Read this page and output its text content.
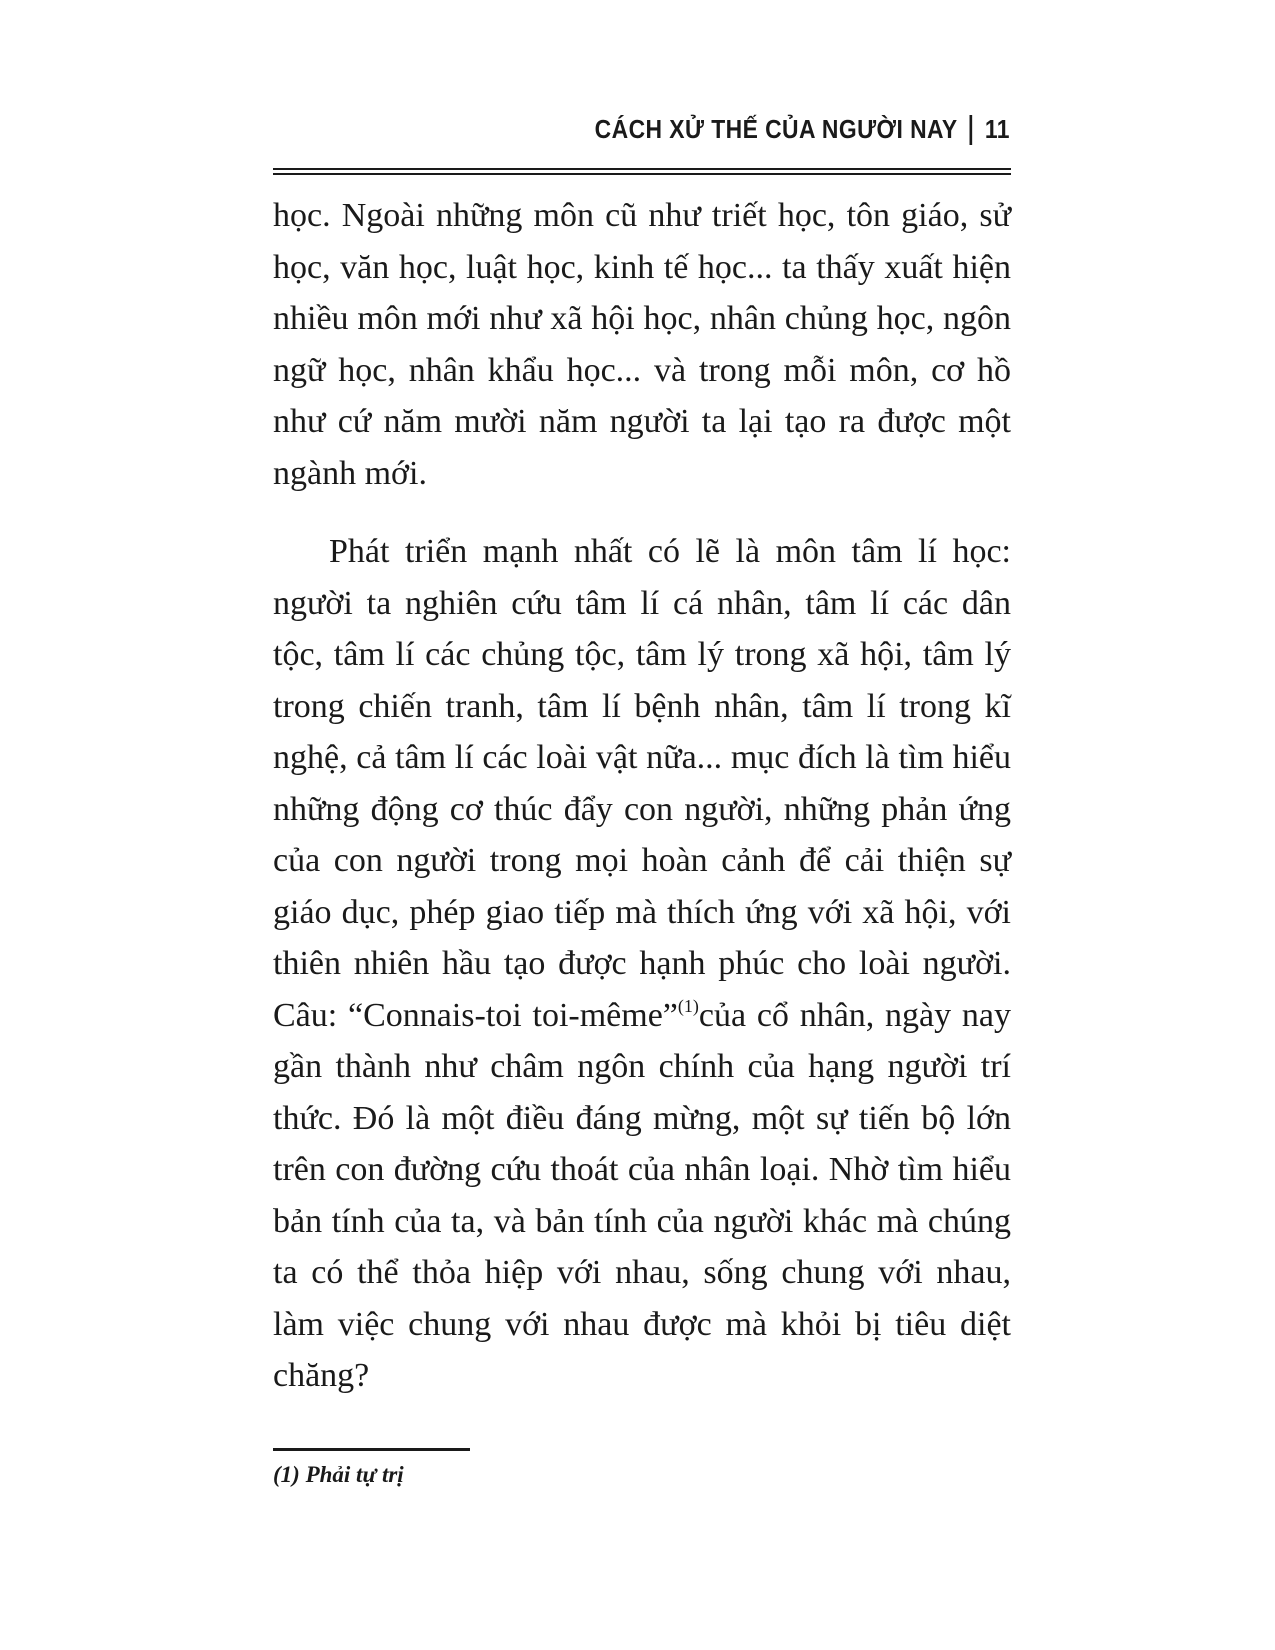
CÁCH XỬ THẾ CỦA NGƯỜI NAY 11

học. Ngoài những môn cũ như triết học, tôn giáo, sử học, văn học, luật học, kinh tế học... ta thấy xuất hiện nhiều môn mới như xã hội học, nhân chủng học, ngôn ngữ học, nhân khẩu học... và trong mỗi môn, cơ hồ như cứ năm mười năm người ta lại tạo ra được một ngành mới.

Phát triển mạnh nhất có lẽ là môn tâm lí học: người ta nghiên cứu tâm lí cá nhân, tâm lí các dân tộc, tâm lí các chủng tộc, tâm lý trong xã hội, tâm lý trong chiến tranh, tâm lí bệnh nhân, tâm lí trong kĩ nghệ, cả tâm lí các loài vật nữa... mục đích là tìm hiểu những động cơ thúc đẩy con người, những phản ứng của con người trong mọi hoàn cảnh để cải thiện sự giáo dục, phép giao tiếp mà thích ứng với xã hội, với thiên nhiên hầu tạo được hạnh phúc cho loài người. Câu: “Connais-toi toi-même”$^{(1)}$của cổ nhân, ngày nay gần thành như châm ngôn chính của hạng người trí thức. Đó là một điều đáng mừng, một sự tiến bộ lớn trên con đường cứu thoát của nhân loại. Nhờ tìm hiểu bản tính của ta, và bản tính của người khác mà chúng ta có thể thỏa hiệp với nhau, sống chung với nhau, làm việc chung với nhau được mà khỏi bị tiêu diệt chăng?

(1) Phải tự trị
